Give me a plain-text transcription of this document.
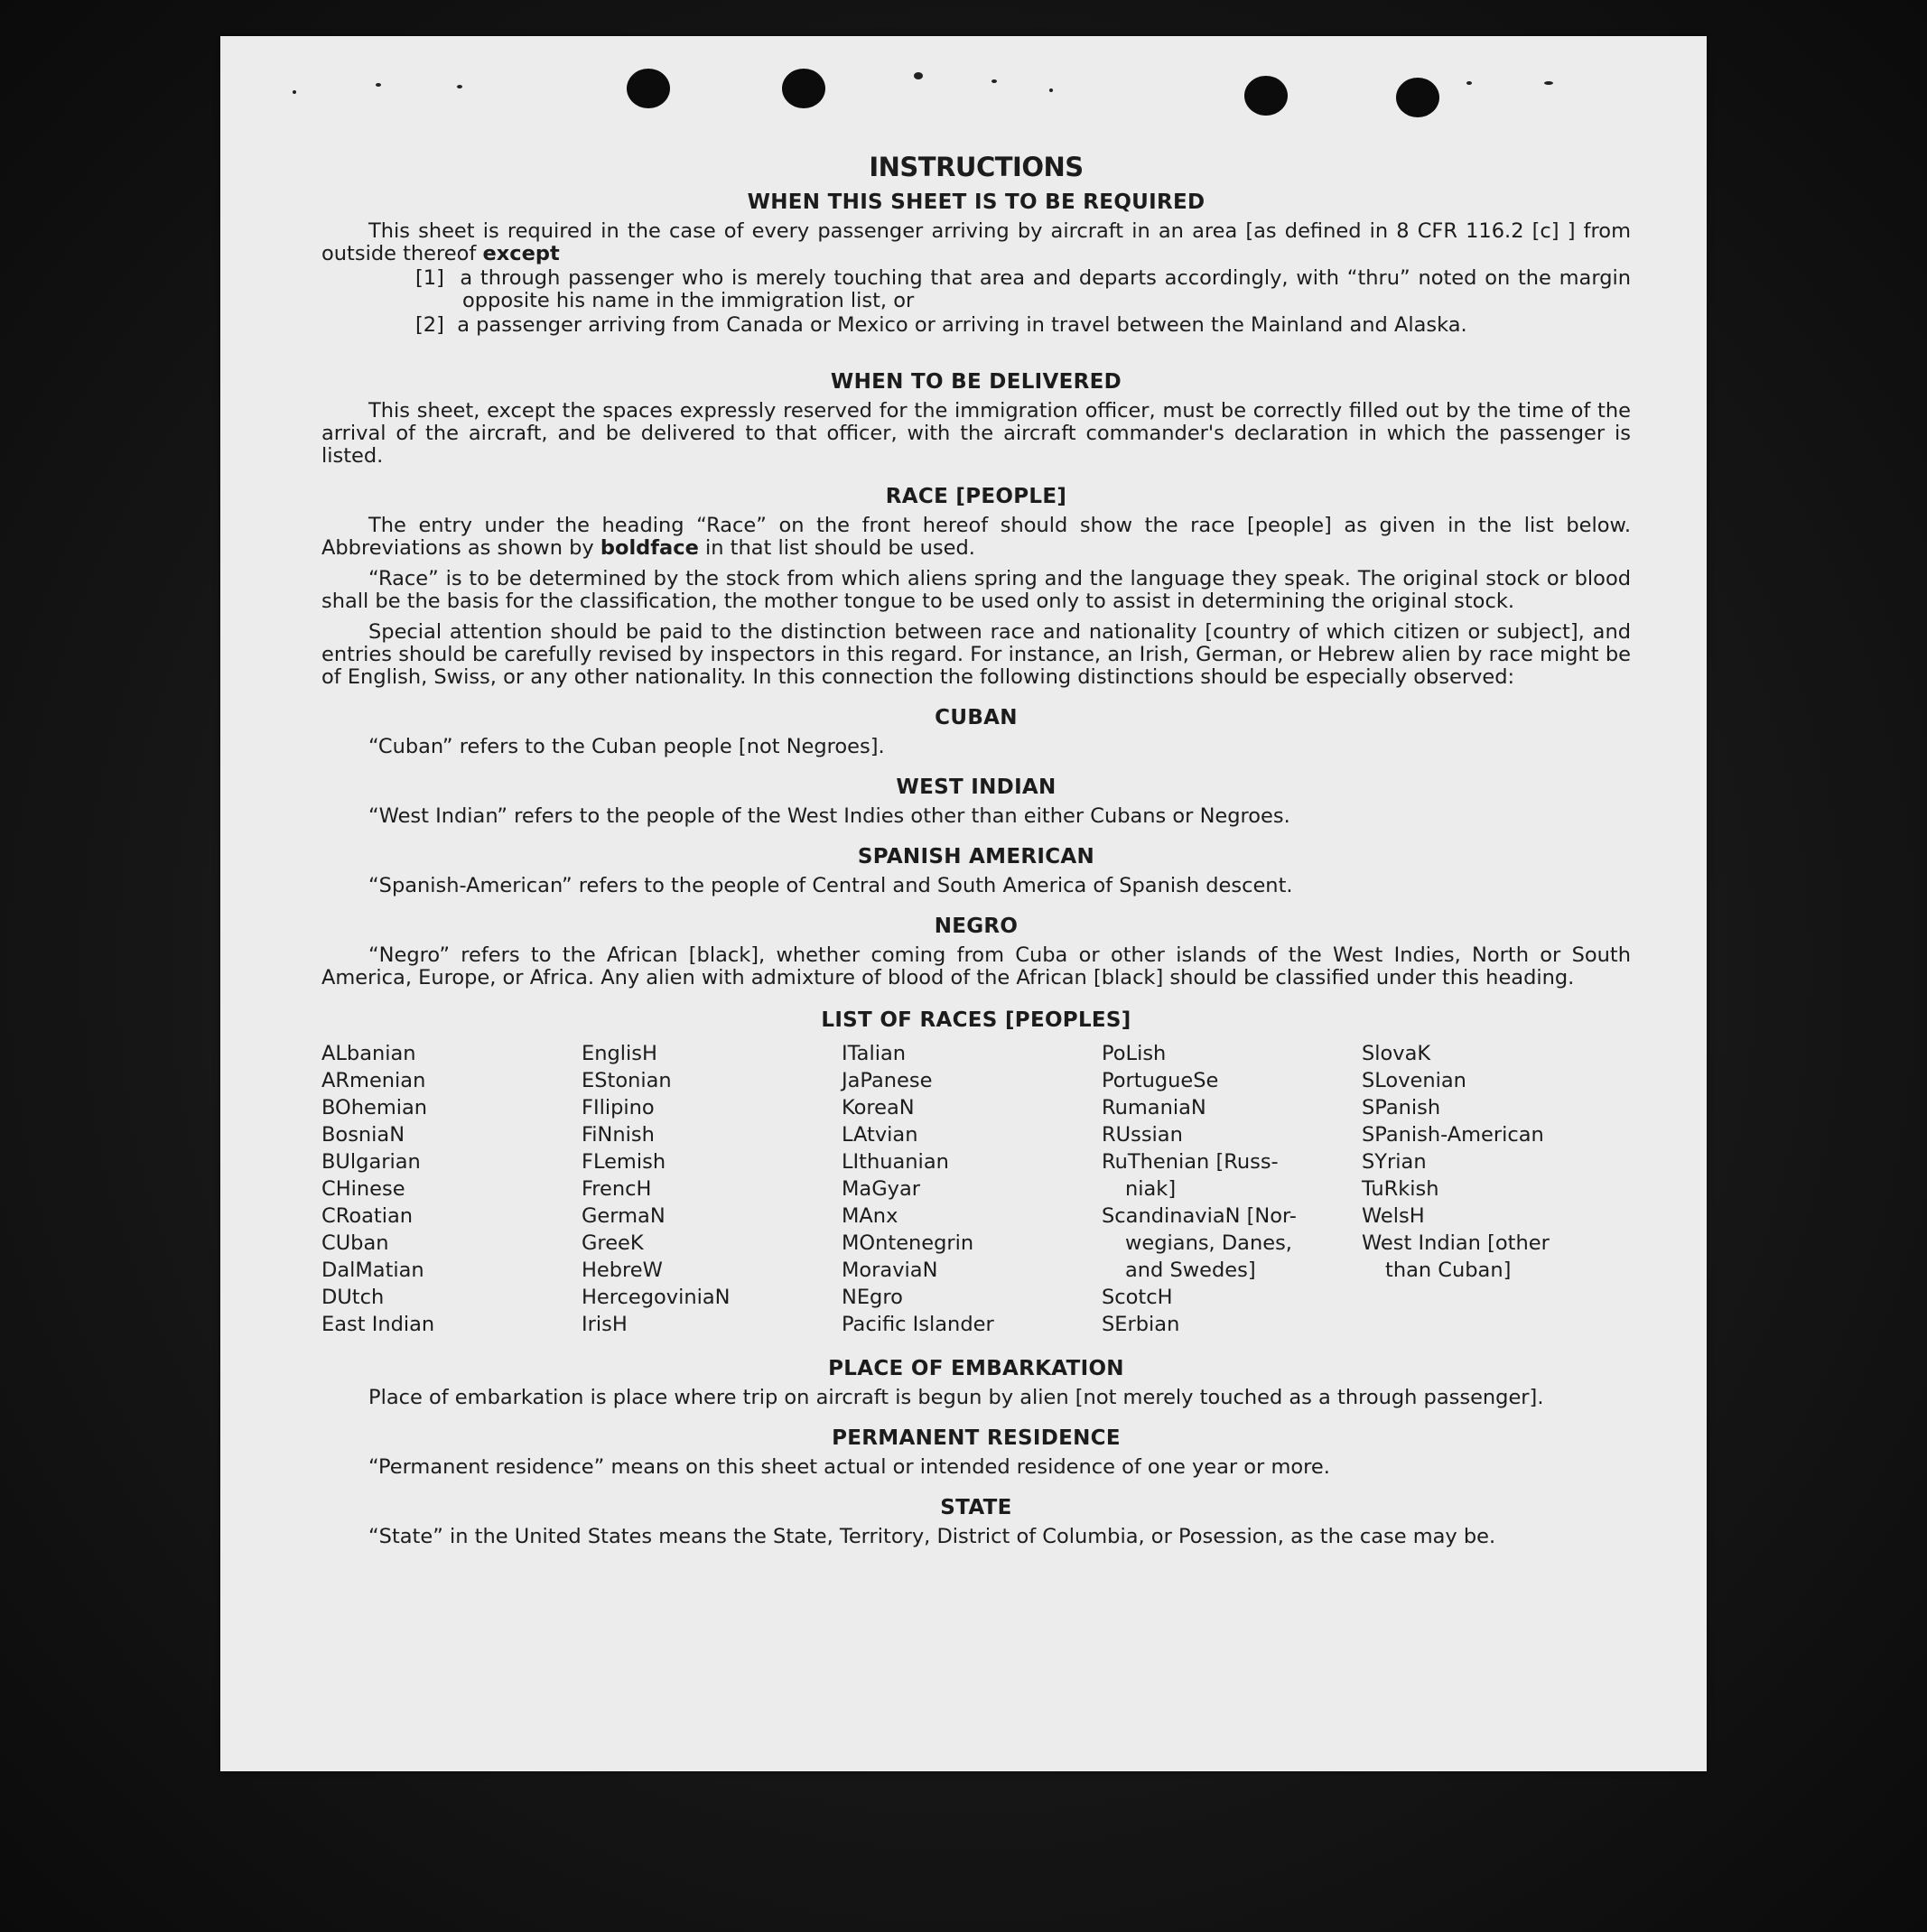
INSTRUCTIONS
WHEN THIS SHEET IS TO BE REQUIRED

This sheet is required in the case of every passenger arriving by aircraft in an area [as defined in 8 CFR 116.2 [c] ] from outside thereof except

[1] a through passenger who is merely touching that area and departs accordingly, with “thru” noted on the margin opposite his name in the immigration list, or
[2] a passenger arriving from Canada or Mexico or arriving in travel between the Mainland and Alaska.
WHEN TO BE DELIVERED

This sheet, except the spaces expressly reserved for the immigration officer, must be correctly filled out by the time of the arrival of the aircraft, and be delivered to that officer, with the aircraft commander's declaration in which the passenger is listed.

RACE [PEOPLE]

The entry under the heading “Race” on the front hereof should show the race [people] as given in the list below. Abbreviations as shown by boldface in that list should be used.

“Race” is to be determined by the stock from which aliens spring and the language they speak. The original stock or blood shall be the basis for the classification, the mother tongue to be used only to assist in determining the original stock.

Special attention should be paid to the distinction between race and nationality [country of which citizen or subject], and entries should be carefully revised by inspectors in this regard. For instance, an Irish, German, or Hebrew alien by race might be of English, Swiss, or any other nationality. In this connection the following distinctions should be especially observed:

CUBAN

“Cuban” refers to the Cuban people [not Negroes].

WEST INDIAN

“West Indian” refers to the people of the West Indies other than either Cubans or Negroes.

SPANISH AMERICAN

“Spanish-American” refers to the people of Central and South America of Spanish descent.

NEGRO

“Negro” refers to the African [black], whether coming from Cuba or other islands of the West Indies, North or South America, Europe, or Africa. Any alien with admixture of blood of the African [black] should be classified under this heading.

LIST OF RACES [PEOPLES]
ALbanian
ARmenian
BOhemian
BosniaN
BUlgarian
CHinese
CRoatian
CUban
DalMatian
DUtch
East Indian
EnglisH
EStonian
FIlipino
FiNnish
FLemish
FrencH
GermaN
GreeK
HebreW
HercegoviniaN
IrisH
ITalian
JaPanese
KoreaN
LAtvian
LIthuanian
MaGyar
MAnx
MOntenegrin
MoraviaN
NEgro
Pacific Islander
PoLish
PortugueSe
RumaniaN
RUssian
RuThenian [Russ-
niak]
ScandinaviaN [Nor-
wegians, Danes,
and Swedes]
ScotcH
SErbian
SlovaK
SLovenian
SPanish
SPanish-American
SYrian
TuRkish
WelsH
West Indian [other
than Cuban]
PLACE OF EMBARKATION

Place of embarkation is place where trip on aircraft is begun by alien [not merely touched as a through passenger].

PERMANENT RESIDENCE

“Permanent residence” means on this sheet actual or intended residence of one year or more.

STATE

“State” in the United States means the State, Territory, District of Columbia, or Posession, as the case may be.
